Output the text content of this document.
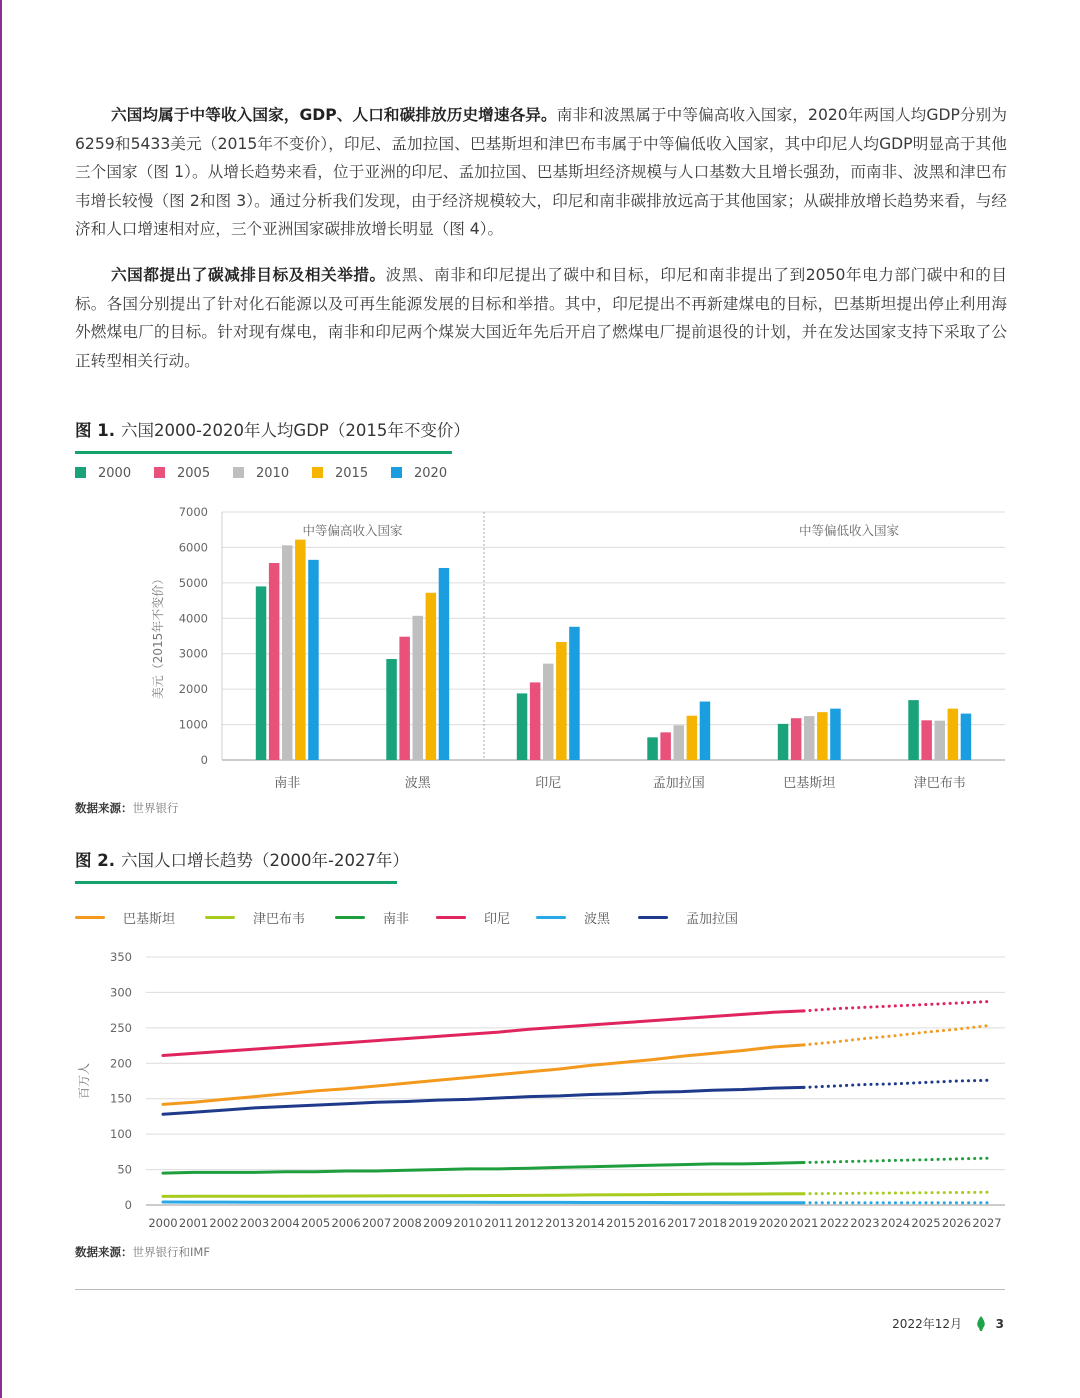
六国均属于中等收入国家，GDP、人口和碳排放历史增速各异。南非和波黑属于中等偏高收入国家，2020年两国人均GDP分别为6259和5433美元（2015年不变价），印尼、孟加拉国、巴基斯坦和津巴布韦属于中等偏低收入国家，其中印尼人均GDP明显高于其他三个国家（图 1）。从增长趋势来看，位于亚洲的印尼、孟加拉国、巴基斯坦经济规模与人口基数大且增长强劲，而南非、波黑和津巴布韦增长较慢（图 2和图 3）。通过分析我们发现，由于经济规模较大，印尼和南非碳排放远高于其他国家；从碳排放增长趋势来看，与经济和人口增速相对应，三个亚洲国家碳排放增长明显（图 4）。

六国都提出了碳减排目标及相关举措。波黑、南非和印尼提出了碳中和目标，印尼和南非提出了到2050年电力部门碳中和的目标。各国分别提出了针对化石能源以及可再生能源发展的目标和举措。其中，印尼提出不再新建煤电的目标，巴基斯坦提出停止利用海外燃煤电厂的目标。针对现有煤电，南非和印尼两个煤炭大国近年先后开启了燃煤电厂提前退役的计划，并在发达国家支持下采取了公正转型相关行动。

图 1. 六国2000-2020年人均GDP（2015年不变价）
2000	2005	2010	2015	2020
0
1000
2000
3000
4000
5000
6000
7000
美元（2015年不变价）
中等偏高收入国家	中等偏低收入国家
南非	波黑	印尼	孟加拉国	巴基斯坦	津巴布韦
数据来源：世界银行
图 2. 六国人口增长趋势（2000年-2027年）
巴基斯坦	津巴布韦	南非	印尼	波黑	孟加拉国
0
50
100
150
200
250
300
350
百万人
2000 2001 2002 2003 2004 2005 2006 2007 2008 2009 2010 2011 2012 2013 2014 2015 2016 2017 2018 2019 2020 2021 2022 2023 2024 2025 2026 2027
数据来源：世界银行和IMF
2022年12月	3
